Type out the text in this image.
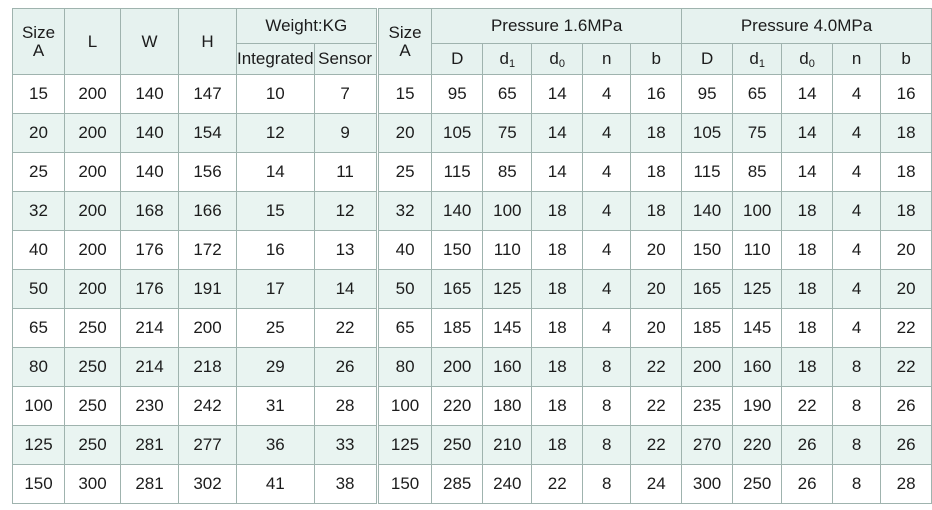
Size
A	L	W	H	Weight:KG	
				Integrated	Sensor
15	200	140	147	10	7
20	200	140	154	12	9
25	200	140	156	14	11
32	200	168	166	15	12
40	200	176	172	16	13
50	200	176	191	17	14
65	250	214	200	25	22
80	250	214	218	29	26
100	250	230	242	31	28
125	250	281	277	36	33
150	300	281	302	41	38
Size
A	Pressure 1.6MPa					Pressure 4.0MPa				
	D	$d_1$	$d_0$	n	b	D	$d_1$	$d_0$	n	b
15	95	65	14	4	16	95	65	14	4	16
20	105	75	14	4	18	105	75	14	4	18
25	115	85	14	4	18	115	85	14	4	18
32	140	100	18	4	18	140	100	18	4	18
40	150	110	18	4	20	150	110	18	4	20
50	165	125	18	4	20	165	125	18	4	20
65	185	145	18	4	20	185	145	18	4	22
80	200	160	18	8	22	200	160	18	8	22
100	220	180	18	8	22	235	190	22	8	26
125	250	210	18	8	22	270	220	26	8	26
150	285	240	22	8	24	300	250	26	8	28
